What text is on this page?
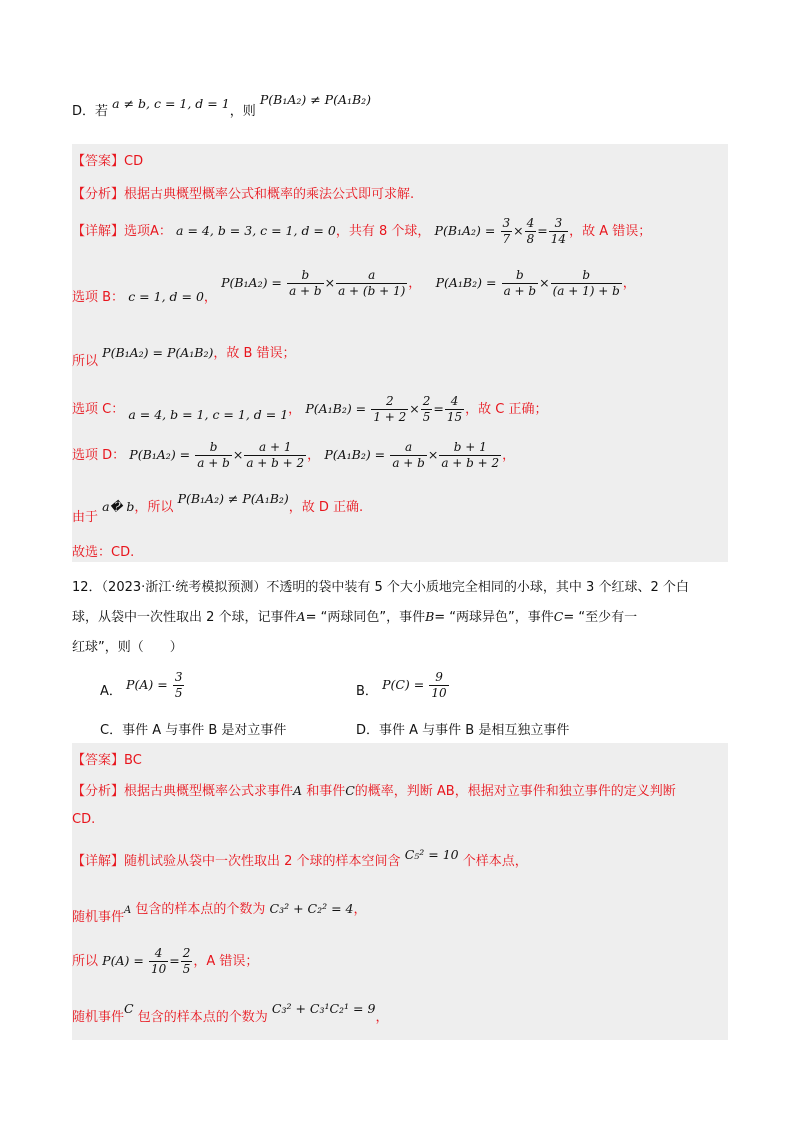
D．若 a ≠ b, c = 1, d = 1，则 P(B₁A₂) ≠ P(A₁B₂)
【答案】CD
【分析】根据古典概型概率公式和概率的乘法公式即可求解.
【详解】选项A： a = 4, b = 3, c = 1, d = 0，共有 8 个球， $P(B_1A_2) = \frac{3}{7} \times \frac{4}{8} = \frac{3}{14}$ ，故 A 错误；
选项 B： c = 1, d = 0， $P(B_1A_2) = \frac{b}{a + b} \times \frac{a}{a + (b + 1)}$ ， $P(A_1B_2) = \frac{b}{a + b} \times \frac{b}{(a + 1) + b}$ ，
所以 P(B₁A₂) = P(A₁B₂)，故 B 错误；
选项 C： a = 4, b = 1, c = 1, d = 1， $P(A_1B_2) = \frac{2}{1 + 2} \times \frac{2}{5} = \frac{4}{15}$ ，故 C 正确；
选项 D： $P(B_1A_2) = \frac{b}{a + b} \times \frac{a + 1}{a + b + 2}$ ， $P(A_1B_2) = \frac{a}{a + b} \times \frac{b + 1}{a + b + 2}$ ，
由于 a� b，所以 P(B₁A₂) ≠ P(A₁B₂)，故 D 正确.
故选：CD.
12．（2023·浙江·统考模拟预测）不透明的袋中装有 5 个大小质地完全相同的小球，其中 3 个红球、2 个白
球，从袋中一次性取出 2 个球，记事件A= “两球同色”，事件B= “两球异色”，事件C= “至少有一
红球”，则（　　）
A． $P(A) = \frac{3}{5}$	B． $P(C) = \frac{9}{10}$
C．事件 A 与事件 B 是对立事件	D．事件 A 与事件 B 是相互独立事件
【答案】BC
【分析】根据古典概型概率公式求事件A 和事件C的概率，判断 AB，根据对立事件和独立事件的定义判断
CD.
【详解】随机试验从袋中一次性取出 2 个球的样本空间含 C₅² = 10 个样本点，
随机事件A 包含的样本点的个数为 C₃² + C₂² = 4，
所以 $P(A) = \frac{4}{10} = \frac{2}{5}$ ，A 错误；
随机事件C 包含的样本点的个数为 C₃² + C₃¹C₂¹ = 9，
